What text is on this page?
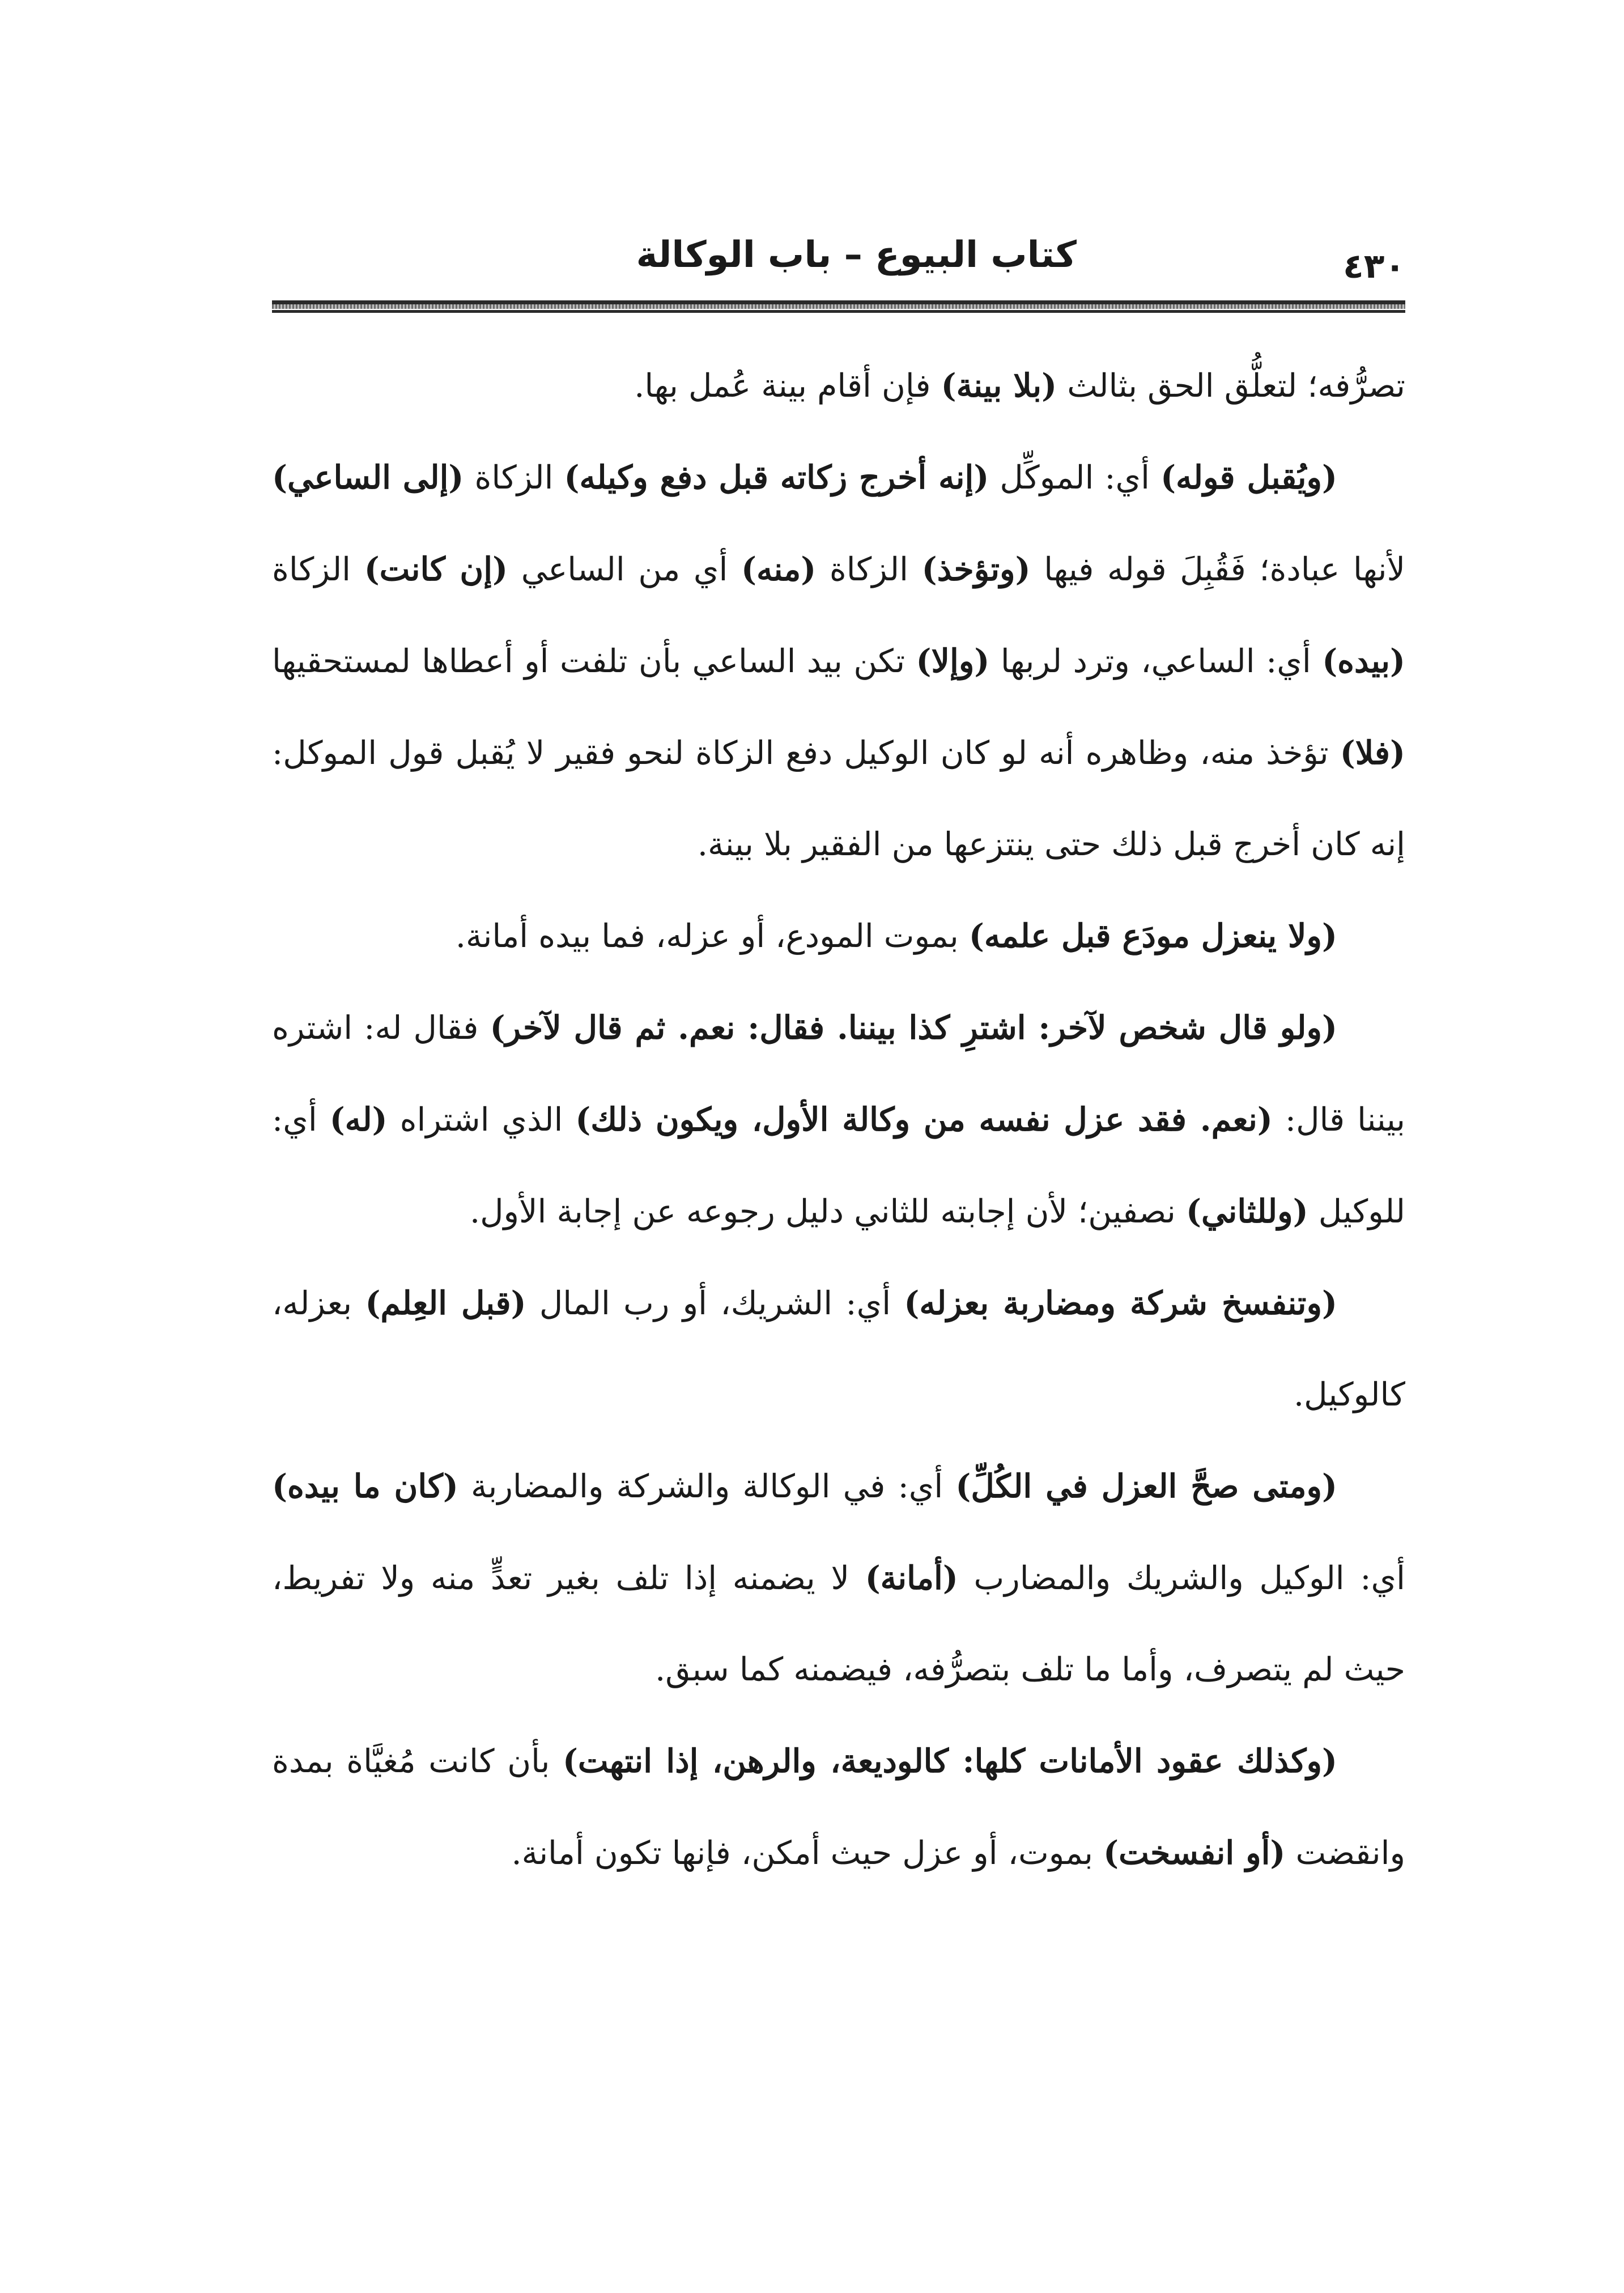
كتاب البيوع – باب الوكالة	٤٣٠

تصرُّفه؛ لتعلُّق الحق بثالث (بلا بينة) فإن أقام بينة عُمل بها.

(ويُقبل قوله) أي: الموكِّل (إنه أخرج زكاته قبل دفع وكيله) الزكاة (إلى الساعي) لأنها عبادة؛ فَقُبِلَ قوله فيها (وتؤخذ) الزكاة (منه) أي من الساعي (إن كانت) الزكاة (بيده) أي: الساعي، وترد لربها (وإلا) تكن بيد الساعي بأن تلفت أو أعطاها لمستحقيها (فلا) تؤخذ منه، وظاهره أنه لو كان الوكيل دفع الزكاة لنحو فقير لا يُقبل قول الموكل: إنه كان أخرج قبل ذلك حتى ينتزعها من الفقير بلا بينة.

(ولا ينعزل مودَع قبل علمه) بموت المودع، أو عزله، فما بيده أمانة.

(ولو قال شخص لآخر: اشترِ كذا بيننا. فقال: نعم. ثم قال لآخر) فقال له: اشتره بيننا قال: (نعم. فقد عزل نفسه من وكالة الأول، ويكون ذلك) الذي اشتراه (له) أي: للوكيل (وللثاني) نصفين؛ لأن إجابته للثاني دليل رجوعه عن إجابة الأول.

(وتنفسخ شركة ومضاربة بعزله) أي: الشريك، أو رب المال (قبل العِلم) بعزله، كالوكيل.

(ومتى صحَّ العزل في الكُلِّ) أي: في الوكالة والشركة والمضاربة (كان ما بيده) أي: الوكيل والشريك والمضارب (أمانة) لا يضمنه إذا تلف بغير تعدٍّ منه ولا تفريط، حيث لم يتصرف، وأما ما تلف بتصرُّفه، فيضمنه كما سبق.

(وكذلك عقود الأمانات كلها: كالوديعة، والرهن، إذا انتهت) بأن كانت مُغيَّاة بمدة وانقضت (أو انفسخت) بموت، أو عزل حيث أمكن، فإنها تكون أمانة.
